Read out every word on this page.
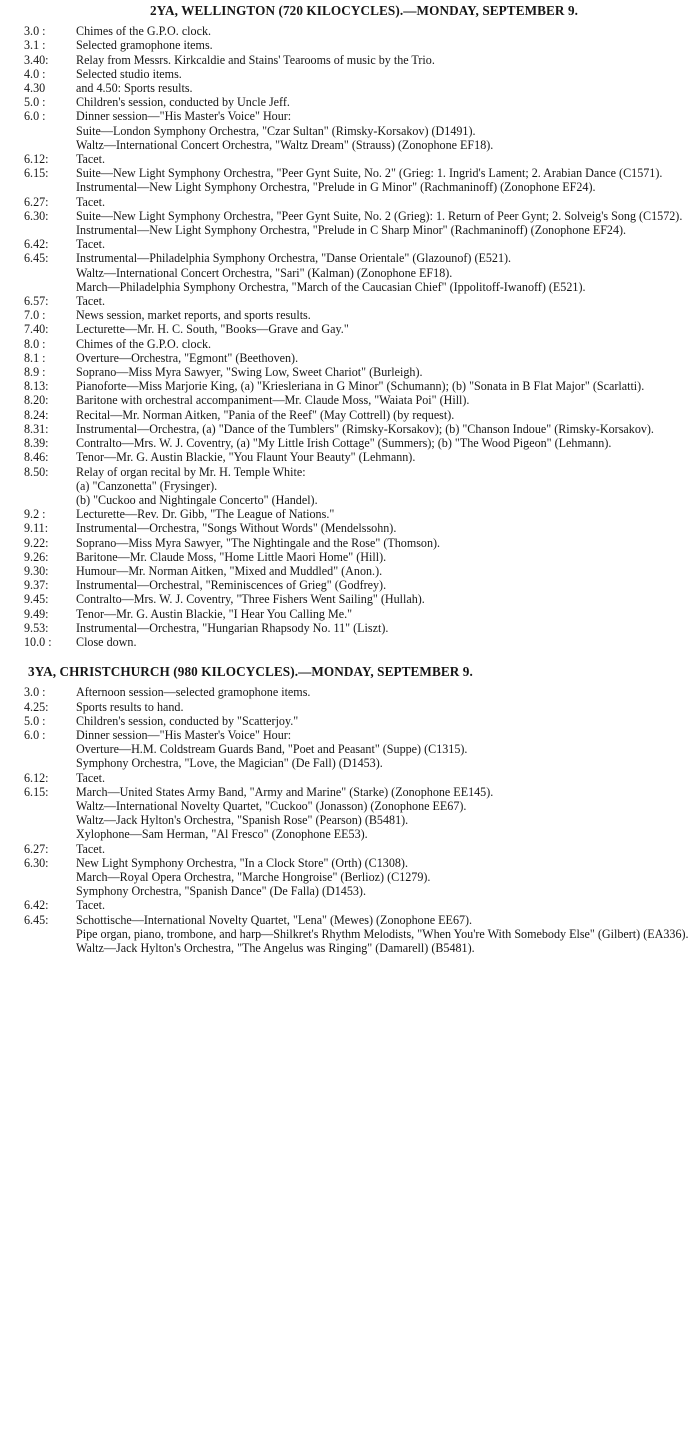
2YA, WELLINGTON (720 KILOCYCLES).—MONDAY, SEPTEMBER 9.
3.0 :	Chimes of the G.P.O. clock.

3.1 :	Selected gramophone items.

3.40:	Relay from Messrs. Kirkcaldie and Stains' Tearooms of music by the Trio.

4.0 :	Selected studio items.

4.30	and 4.50: Sports results.

5.0 :	Children's session, conducted by Uncle Jeff.

6.0 :	Dinner session—"His Master's Voice" Hour:

Suite—London Symphony Orchestra, "Czar Sultan" (Rimsky-Korsakov) (D1491).

Waltz—International Concert Orchestra, "Waltz Dream" (Strauss) (Zonophone EF18).

6.12:	Tacet.

6.15:	Suite—New Light Symphony Orchestra, "Peer Gynt Suite, No. 2" (Grieg: 1. Ingrid's Lament; 2. Arabian Dance (C1571).

Instrumental—New Light Symphony Orchestra, "Prelude in G Minor" (Rachmaninoff) (Zonophone EF24).

6.27:	Tacet.

6.30:	Suite—New Light Symphony Orchestra, "Peer Gynt Suite, No. 2 (Grieg): 1. Return of Peer Gynt; 2. Solveig's Song (C1572).

Instrumental—New Light Symphony Orchestra, "Prelude in C Sharp Minor" (Rachmaninoff) (Zonophone EF24).

6.42:	Tacet.

6.45:	Instrumental—Philadelphia Symphony Orchestra, "Danse Orientale" (Glazounof) (E521).

Waltz—International Concert Orchestra, "Sari" (Kalman) (Zonophone EF18).

March—Philadelphia Symphony Orchestra, "March of the Caucasian Chief" (Ippolitoff-Iwanoff) (E521).

6.57:	Tacet.

7.0 :	News session, market reports, and sports results.

7.40:	Lecturette—Mr. H. C. South, "Books—Grave and Gay."

8.0 :	Chimes of the G.P.O. clock.

8.1 :	Overture—Orchestra, "Egmont" (Beethoven).

8.9 :	Soprano—Miss Myra Sawyer, "Swing Low, Sweet Chariot" (Burleigh).

8.13:	Pianoforte—Miss Marjorie King, (a) "Kriesleriana in G Minor" (Schumann); (b) "Sonata in B Flat Major" (Scarlatti).

8.20:	Baritone with orchestral accompaniment—Mr. Claude Moss, "Waiata Poi" (Hill).

8.24:	Recital—Mr. Norman Aitken, "Pania of the Reef" (May Cottrell) (by request).

8.31:	Instrumental—Orchestra, (a) "Dance of the Tumblers" (Rimsky-Korsakov); (b) "Chanson Indoue" (Rimsky-Korsakov).

8.39:	Contralto—Mrs. W. J. Coventry, (a) "My Little Irish Cottage" (Summers); (b) "The Wood Pigeon" (Lehmann).

8.46:	Tenor—Mr. G. Austin Blackie, "You Flaunt Your Beauty" (Lehmann).

8.50:	Relay of organ recital by Mr. H. Temple White:

(a) "Canzonetta" (Frysinger).

(b) "Cuckoo and Nightingale Concerto" (Handel).

9.2 :	Lecturette—Rev. Dr. Gibb, "The League of Nations."

9.11:	Instrumental—Orchestra, "Songs Without Words" (Mendelssohn).

9.22:	Soprano—Miss Myra Sawyer, "The Nightingale and the Rose" (Thomson).

9.26:	Baritone—Mr. Claude Moss, "Home Little Maori Home" (Hill).

9.30:	Humour—Mr. Norman Aitken, "Mixed and Muddled" (Anon.).

9.37:	Instrumental—Orchestral, "Reminiscences of Grieg" (Godfrey).

9.45:	Contralto—Mrs. W. J. Coventry, "Three Fishers Went Sailing" (Hullah).

9.49:	Tenor—Mr. G. Austin Blackie, "I Hear You Calling Me."

9.53:	Instrumental—Orchestra, "Hungarian Rhapsody No. 11" (Liszt).

10.0 :	Close down.

3YA, CHRISTCHURCH (980 KILOCYCLES).—MONDAY, SEPTEMBER 9.
3.0 :	Afternoon session—selected gramophone items.

4.25:	Sports results to hand.

5.0 :	Children's session, conducted by "Scatterjoy."

6.0 :	Dinner session—"His Master's Voice" Hour:

Overture—H.M. Coldstream Guards Band, "Poet and Peasant" (Suppe) (C1315).

Symphony Orchestra, "Love, the Magician" (De Fall) (D1453).

6.12:	Tacet.

6.15:	March—United States Army Band, "Army and Marine" (Starke) (Zonophone EE145).

Waltz—International Novelty Quartet, "Cuckoo" (Jonasson) (Zonophone EE67).

Waltz—Jack Hylton's Orchestra, "Spanish Rose" (Pearson) (B5481).

Xylophone—Sam Herman, "Al Fresco" (Zonophone EE53).

6.27:	Tacet.

6.30:	New Light Symphony Orchestra, "In a Clock Store" (Orth) (C1308).

March—Royal Opera Orchestra, "Marche Hongroise" (Berlioz) (C1279).

Symphony Orchestra, "Spanish Dance" (De Falla) (D1453).

6.42:	Tacet.

6.45:	Schottische—International Novelty Quartet, "Lena" (Mewes) (Zonophone EE67).

Pipe organ, piano, trombone, and harp—Shilkret's Rhythm Melodists, "When You're With Somebody Else" (Gilbert) (EA336).

Waltz—Jack Hylton's Orchestra, "The Angelus was Ringing" (Damarell) (B5481).
